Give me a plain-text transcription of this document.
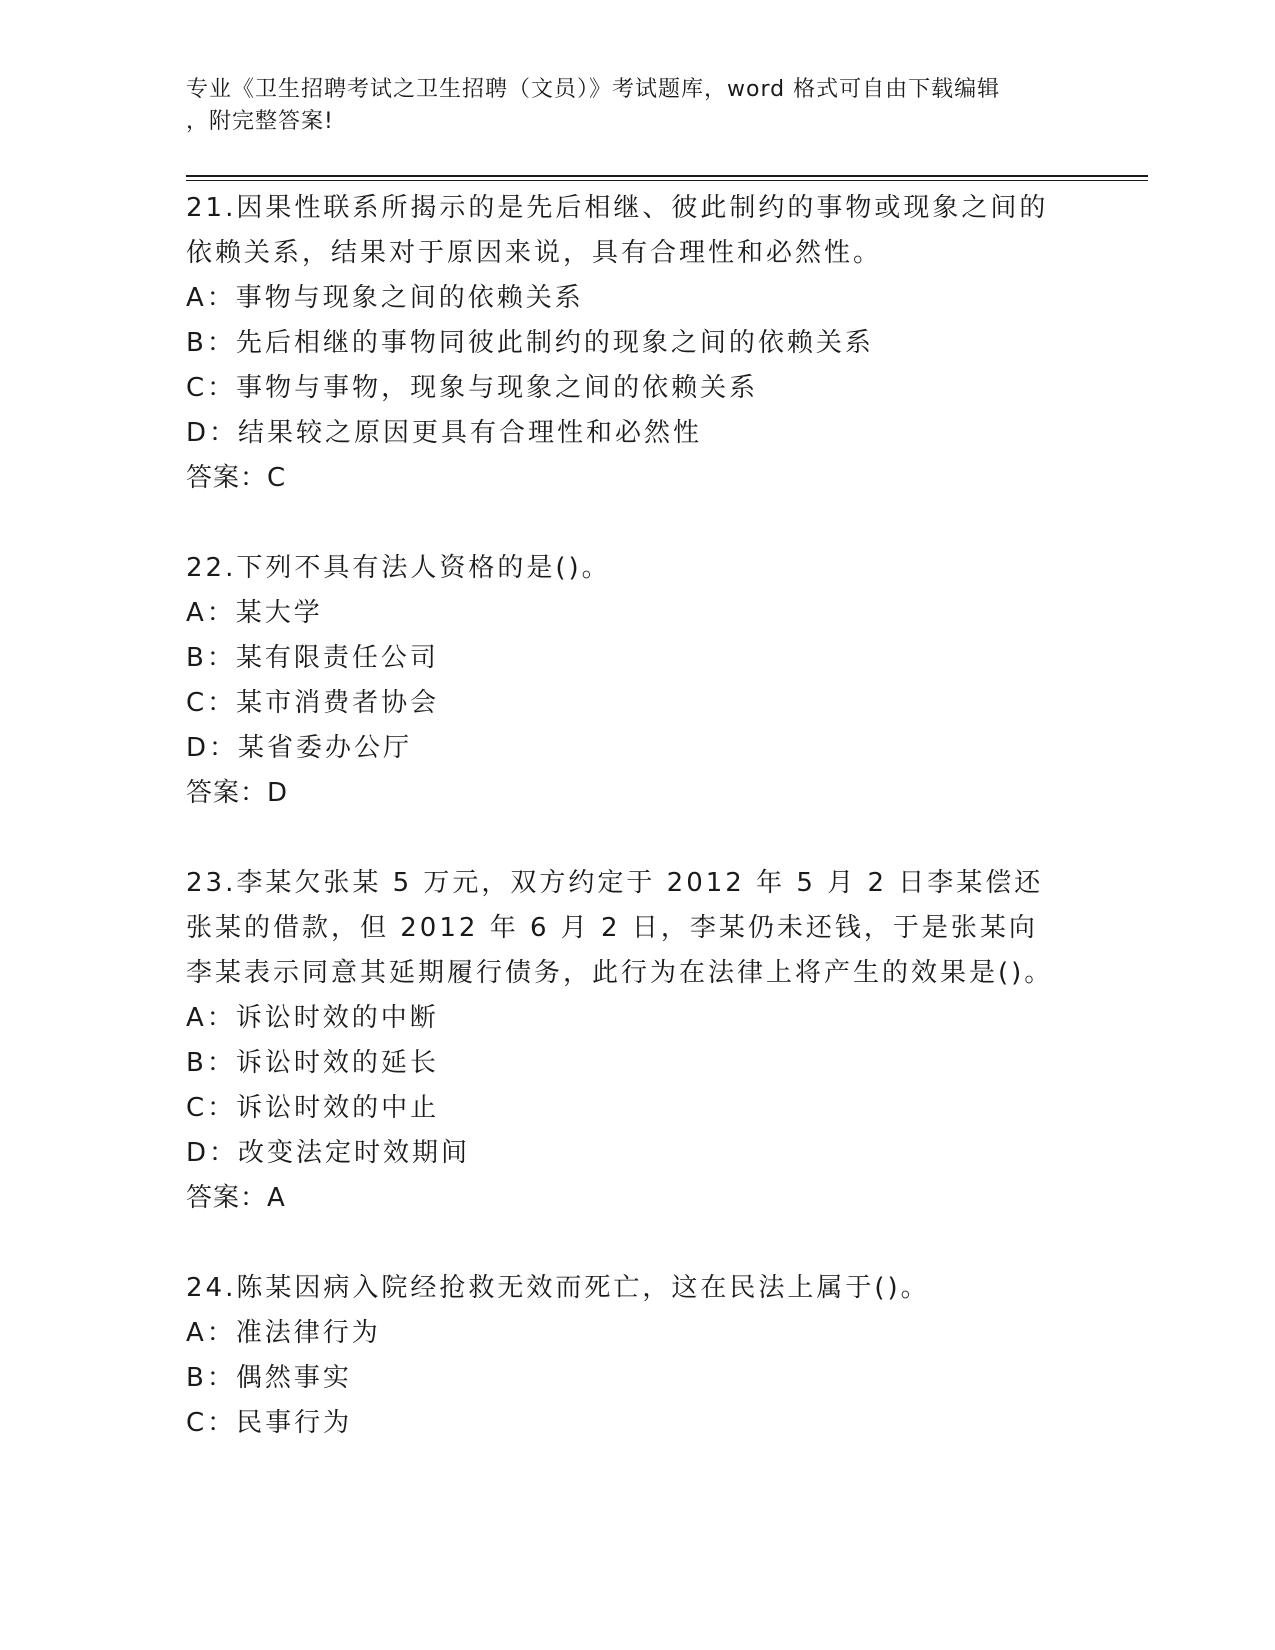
专业《卫生招聘考试之卫生招聘（文员）》考试题库，word 格式可自由下载编辑
，附完整答案!

21.因果性联系所揭示的是先后相继、彼此制约的事物或现象之间的依赖关系，结果对于原因来说，具有合理性和必然性。

A：事物与现象之间的依赖关系

B：先后相继的事物同彼此制约的现象之间的依赖关系

C：事物与事物，现象与现象之间的依赖关系

D：结果较之原因更具有合理性和必然性

答案：C

22.下列不具有法人资格的是()。

A：某大学

B：某有限责任公司

C：某市消费者协会

D：某省委办公厅

答案：D

23.李某欠张某 5 万元，双方约定于 2012 年 5 月 2 日李某偿还张某的借款，但 2012 年 6 月 2 日，李某仍未还钱，于是张某向李某表示同意其延期履行债务，此行为在法律上将产生的效果是()。

A：诉讼时效的中断

B：诉讼时效的延长

C：诉讼时效的中止

D：改变法定时效期间

答案：A

24.陈某因病入院经抢救无效而死亡，这在民法上属于()。

A：准法律行为

B：偶然事实

C：民事行为
